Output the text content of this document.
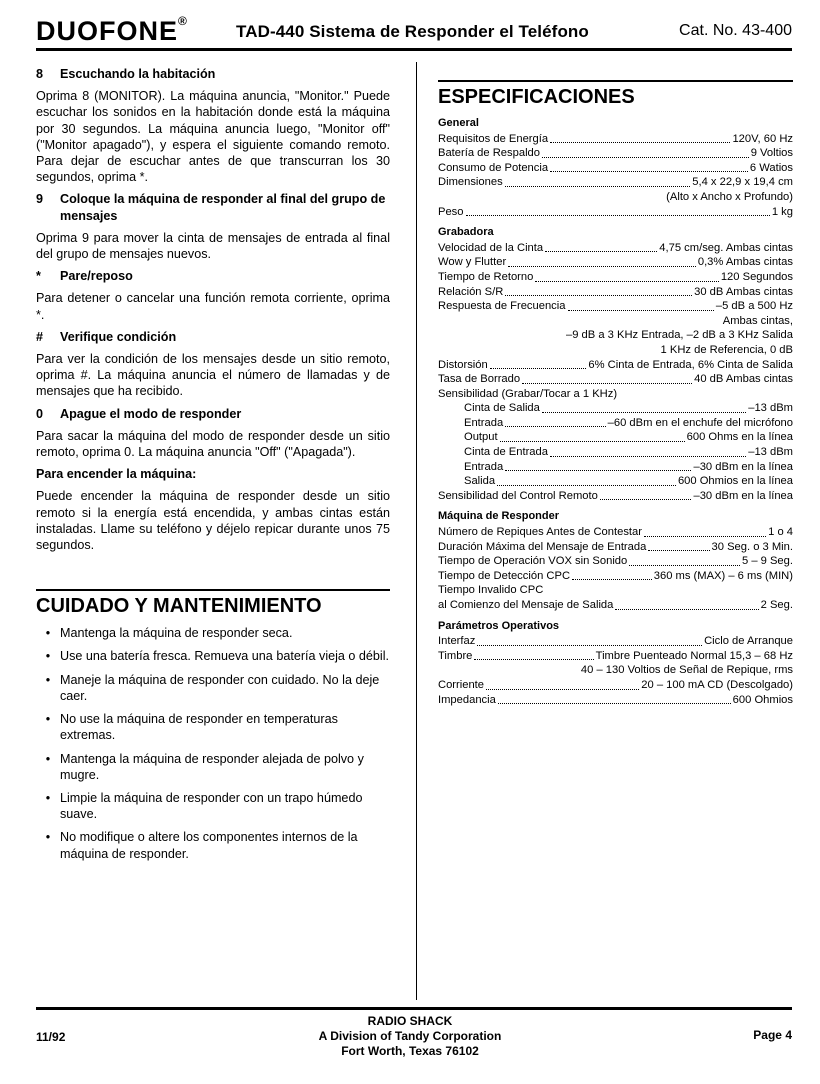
DUOFONE®
TAD-440 Sistema de Responder el Teléfono	Cat. No. 43-400
8	Escuchando la habitación

Oprima 8 (MONITOR). La máquina anuncia, "Monitor." Puede escuchar los sonidos en la habitación donde está la máquina por 30 segundos. La máquina anuncia luego, "Monitor off" ("Monitor apagado"), y espera el siguiente comando remoto. Para dejar de escuchar antes de que transcurran los 30 segundos, oprima *.

9	Coloque la máquina de responder al final del grupo de mensajes

Oprima 9 para mover la cinta de mensajes de entrada al final del grupo de mensajes nuevos.

*	Pare/reposo

Para detener o cancelar una función remota corriente, oprima *.

#	Verifique condición

Para ver la condición de los mensajes desde un sitio remoto, oprima #. La máquina anuncia el número de llamadas y de mensajes que ha recibido.

0	Apague el modo de responder

Para sacar la máquina del modo de responder desde un sitio remoto, oprima 0. La máquina anuncia "Off" ("Apagada").

Para encender la máquina:

Puede encender la máquina de responder desde un sitio remoto si la energía está encendida, y ambas cintas están instaladas. Llame su teléfono y déjelo repicar durante unos 75 segundos.

CUIDADO Y MANTENIMIENTO
• Mantenga la máquina de responder seca.
• Use una batería fresca. Remueva una batería vieja o débil.
• Maneje la máquina de responder con cuidado. No la deje caer.
• No use la máquina de responder en temperaturas extremas.
• Mantenga la máquina de responder alejada de polvo y mugre.
• Limpie la máquina de responder con un trapo húmedo suave.
• No modifique o altere los componentes internos de la máquina de responder.
ESPECIFICACIONES
General
Requisitos de Energía	120V, 60 Hz
Batería de Respaldo	9 Voltios
Consumo de Potencia	6 Watios
Dimensiones	5,4 x 22,9 x 19,4 cm
(Alto x Ancho x Profundo)
Peso	1 kg
Grabadora
Velocidad de la Cinta	4,75 cm/seg. Ambas cintas
Wow y Flutter	0,3% Ambas cintas
Tiempo de Retorno	120 Segundos
Relación S/R	30 dB Ambas cintas
Respuesta de Frecuencia	–5 dB a 500 Hz
Ambas cintas,
–9 dB a 3 KHz Entrada, –2 dB a 3 KHz Salida
1 KHz de Referencia, 0 dB
Distorsión	6% Cinta de Entrada, 6% Cinta de Salida
Tasa de Borrado	40 dB Ambas cintas
Sensibilidad (Grabar/Tocar a 1 KHz)
Cinta de Salida	–13 dBm
Entrada	–60 dBm en el enchufe del micrófono
Output	600 Ohms en la línea
Cinta de Entrada	–13 dBm
Entrada	–30 dBm en la línea
Salida	600 Ohmios en la línea
Sensibilidad del Control Remoto	–30 dBm en la línea
Máquina de Responder
Número de Repiques Antes de Contestar	1 o 4
Duración Máxima del Mensaje de Entrada	30 Seg. o 3 Min.
Tiempo de Operación VOX sin Sonido	5 – 9 Seg.
Tiempo de Detección CPC	360 ms (MAX) – 6 ms (MIN)
Tiempo Invalido CPC
al Comienzo del Mensaje de Salida	2 Seg.
Parámetros Operativos
Interfaz	Ciclo de Arranque
Timbre	Timbre Puenteado Normal 15,3 – 68 Hz
40 – 130 Voltios de Señal de Repique, rms
Corriente	20 – 100 mA CD (Descolgado)
Impedancia	600 Ohmios
11/92
RADIO SHACK
A Division of Tandy Corporation
Fort Worth, Texas 76102
Page 4
